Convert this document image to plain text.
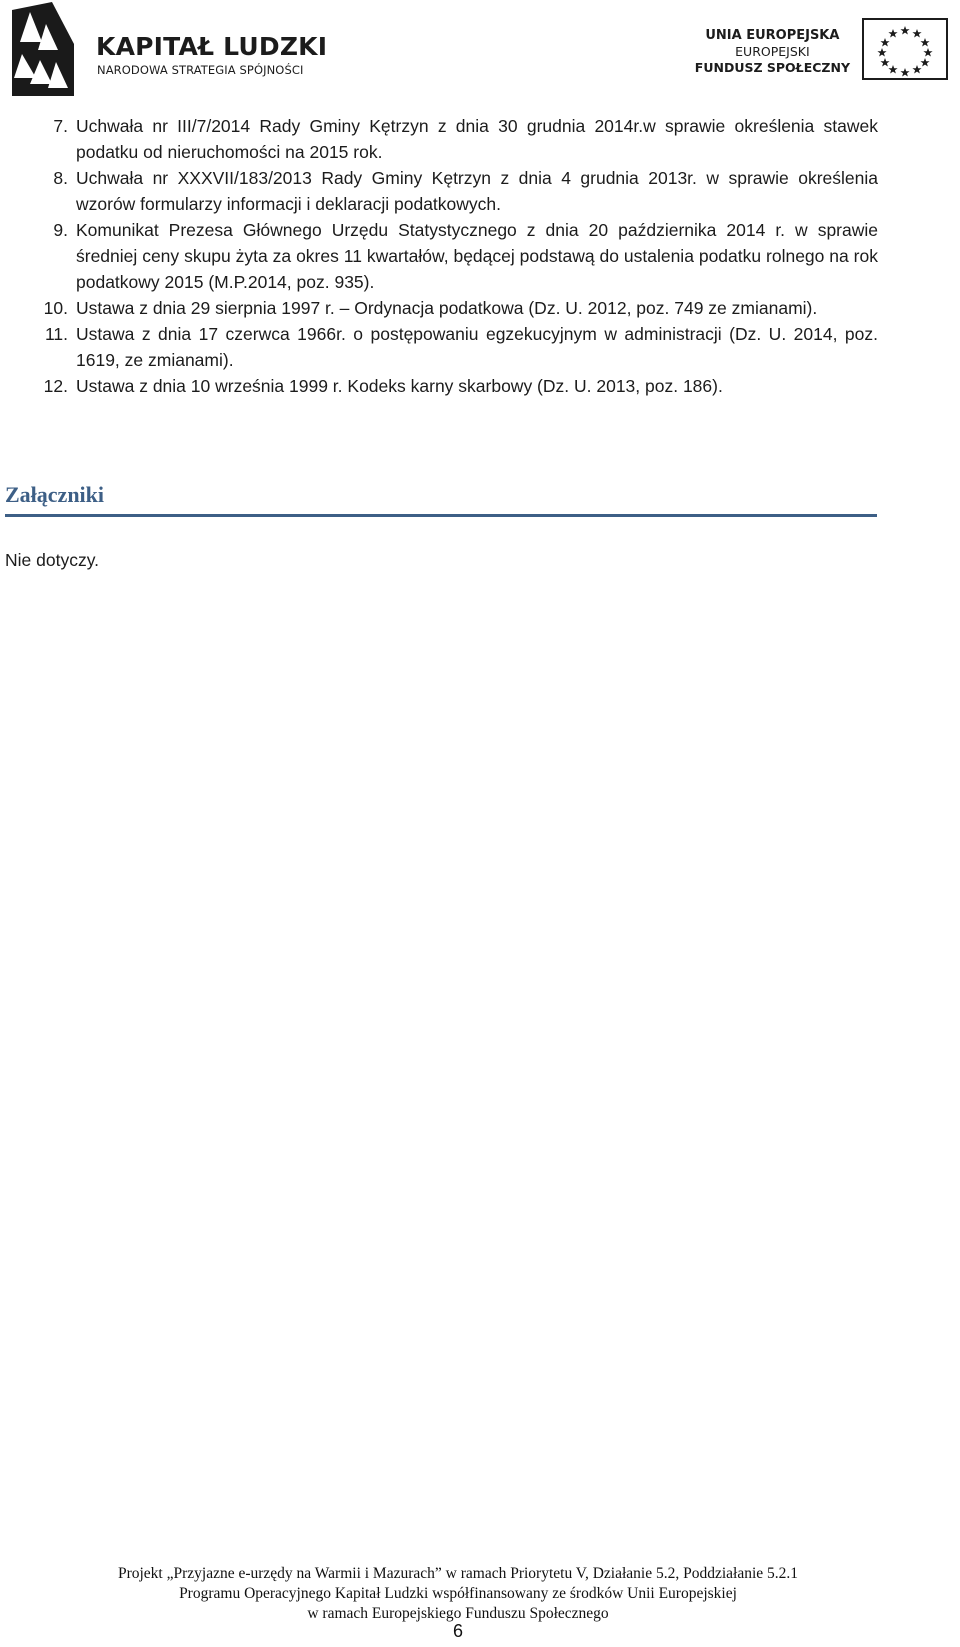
KAPITAŁ LUDZKI
NARODOWA STRATEGIA SPÓJNOŚCI
UNIA EUROPEJSKA
EUROPEJSKI
FUNDUSZ SPOŁECZNY
7. Uchwała nr III/7/2014 Rady Gminy Kętrzyn z dnia 30 grudnia 2014r.w sprawie określenia stawek podatku od nieruchomości na 2015 rok.
8. Uchwała nr XXXVII/183/2013 Rady Gminy Kętrzyn z dnia 4 grudnia 2013r. w sprawie określenia wzorów formularzy informacji i deklaracji podatkowych.
9. Komunikat Prezesa Głównego Urzędu Statystycznego z dnia 20 października 2014 r. w sprawie średniej ceny skupu żyta za okres 11 kwartałów, będącej podstawą do ustalenia podatku rolnego na rok podatkowy 2015 (M.P.2014, poz. 935).
10. Ustawa z dnia 29 sierpnia 1997 r. – Ordynacja podatkowa (Dz. U. 2012, poz. 749 ze zmianami).
11. Ustawa z dnia 17 czerwca 1966r. o postępowaniu egzekucyjnym w administracji (Dz. U. 2014, poz. 1619, ze zmianami).
12. Ustawa z dnia 10 września 1999 r. Kodeks karny skarbowy (Dz. U. 2013, poz. 186).
Załączniki
Nie dotyczy.
Projekt „Przyjazne e-urzędy na Warmii i Mazurach” w ramach Priorytetu V, Działanie 5.2, Poddziałanie 5.2.1
Programu Operacyjnego Kapitał Ludzki współfinansowany ze środków Unii Europejskiej
w ramach Europejskiego Funduszu Społecznego
6
